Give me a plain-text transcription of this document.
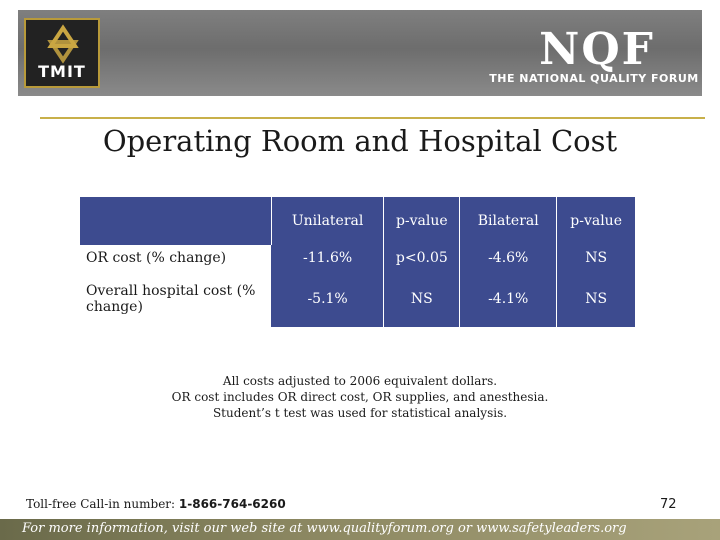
TMIT	NQF
THE NATIONAL QUALITY FORUM
Operating Room and Hospital Cost
	Unilateral	p-value	Bilateral	p-value
OR cost (% change)	-11.6%	p<0.05	-4.6%	NS
Overall hospital cost (% change)	-5.1%	NS	-4.1%	NS
All costs adjusted to 2006 equivalent dollars.
OR cost includes OR direct cost, OR supplies, and anesthesia.
Student’s t test was used for statistical analysis.
Toll-free Call-in number: 1-866-764-6260	72
For more information, visit our web site at www.qualityforum.org or www.safetyleaders.org
